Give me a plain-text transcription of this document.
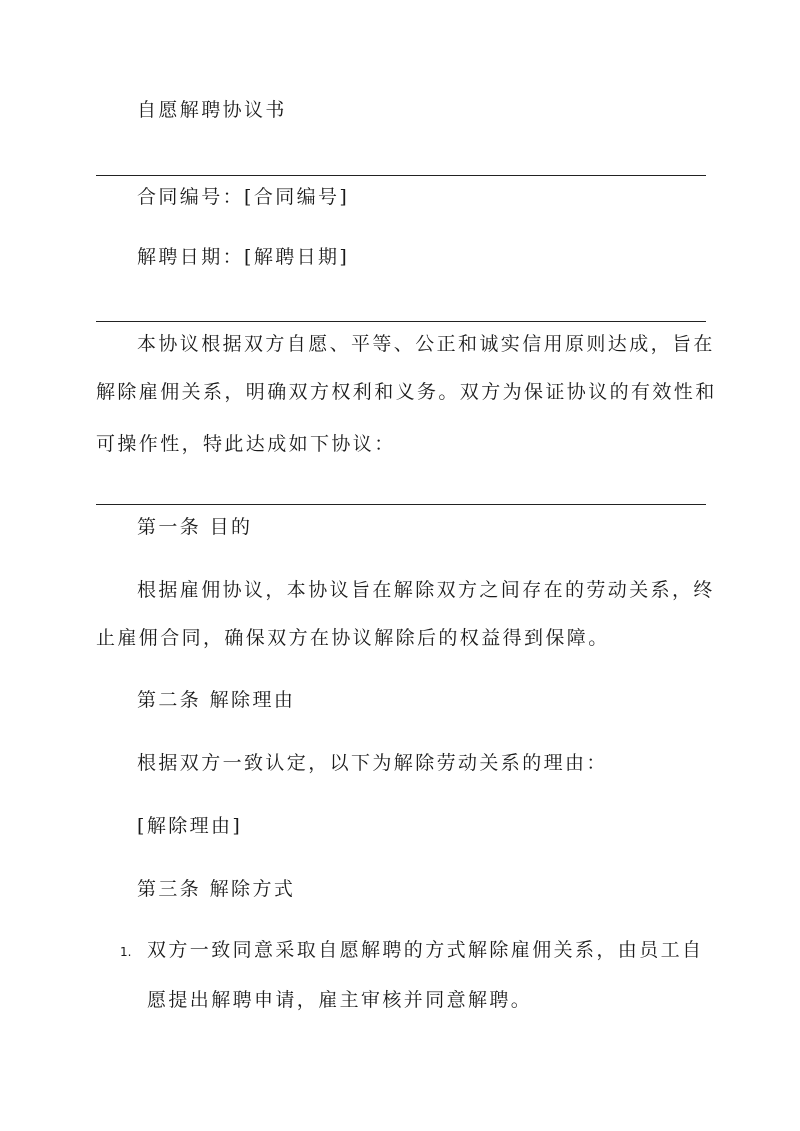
自愿解聘协议书
合同编号：[合同编号]
解聘日期：[解聘日期]
本协议根据双方自愿、平等、公正和诚实信用原则达成，旨在
解除雇佣关系，明确双方权利和义务。双方为保证协议的有效性和
可操作性，特此达成如下协议：
第一条 目的
根据雇佣协议，本协议旨在解除双方之间存在的劳动关系，终
止雇佣合同，确保双方在协议解除后的权益得到保障。
第二条 解除理由
根据双方一致认定，以下为解除劳动关系的理由：
[解除理由]
第三条 解除方式
1. 双方一致同意采取自愿解聘的方式解除雇佣关系，由员工自
愿提出解聘申请，雇主审核并同意解聘。
